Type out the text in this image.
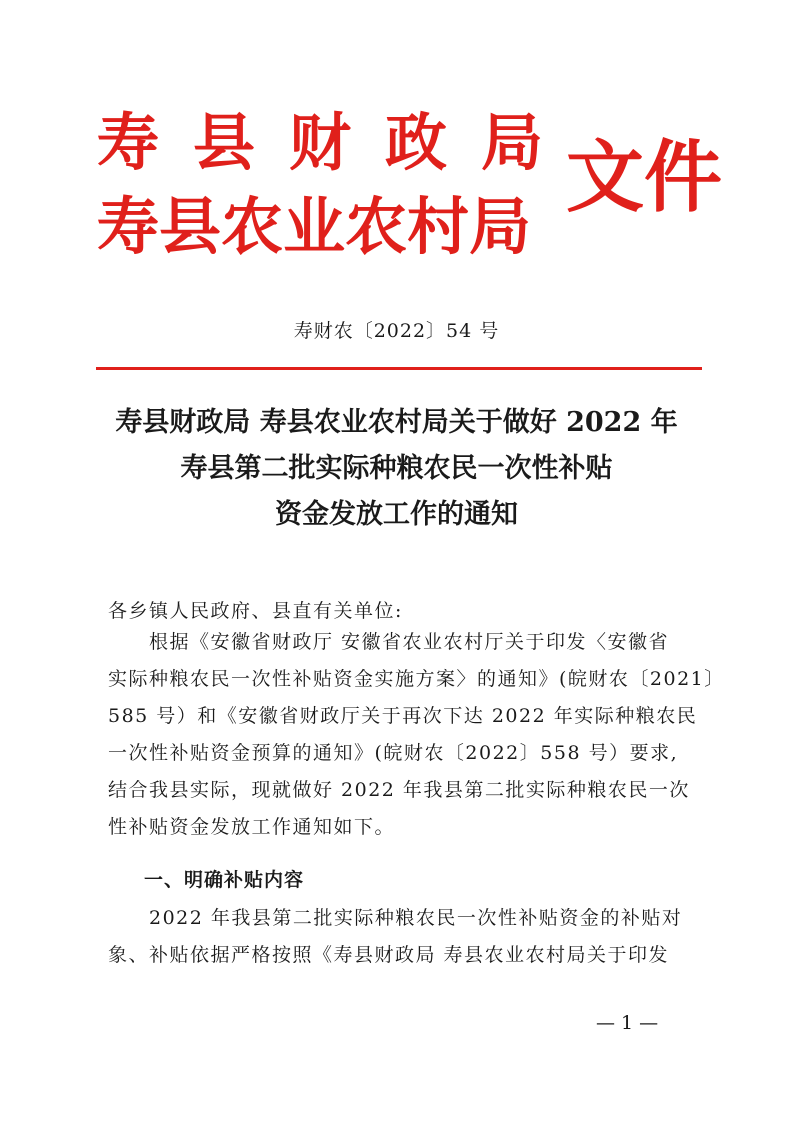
寿县财政局
寿县农业农村局
文件
寿财农〔2022〕54 号
寿县财政局 寿县农业农村局关于做好 2022 年
寿县第二批实际种粮农民一次性补贴
资金发放工作的通知
各乡镇人民政府、县直有关单位:
　　根据《安徽省财政厅 安徽省农业农村厅关于印发〈安徽省
实际种粮农民一次性补贴资金实施方案〉的通知》(皖财农〔2021〕
585 号）和《安徽省财政厅关于再次下达 2022 年实际种粮农民
一次性补贴资金预算的通知》(皖财农〔2022〕558 号）要求,
结合我县实际，现就做好 2022 年我县第二批实际种粮农民一次
性补贴资金发放工作通知如下。
一、明确补贴内容
　　2022 年我县第二批实际种粮农民一次性补贴资金的补贴对
象、补贴依据严格按照《寿县财政局 寿县农业农村局关于印发
— 1 —
